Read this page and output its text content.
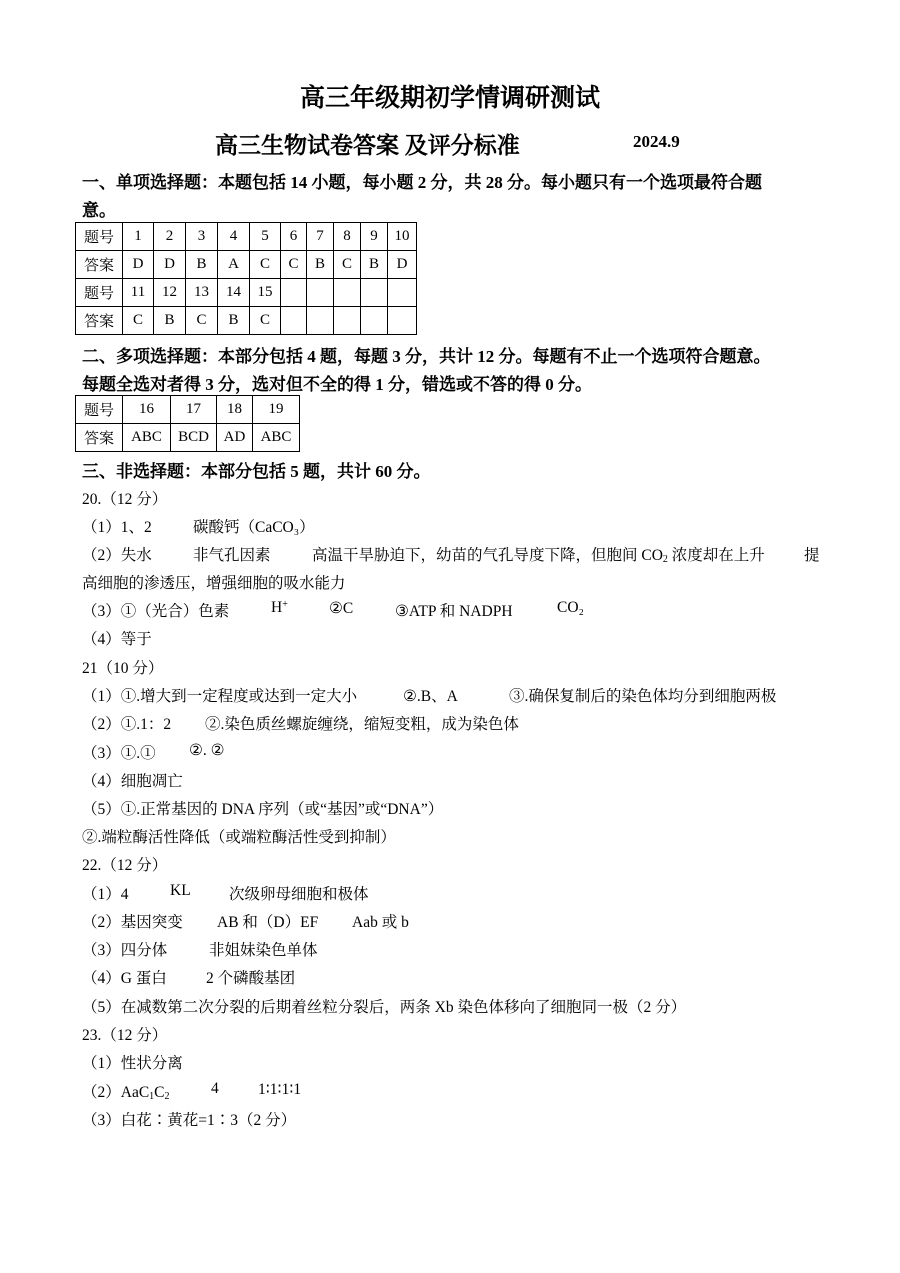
高三年级期初学情调研测试
高三生物试卷答案 及评分标准	2024.9
一、单项选择题：本题包括 14 小题，每小题 2 分，共 28 分。每小题只有一个选项最符合题
意。
题号	1	2	3	4	5	6	7	8	9	10
答案	D	D	B	A	C	C	B	C	B	D
题号	11	12	13	14	15					
答案	C	B	C	B	C					
二、多项选择题：本部分包括 4 题，每题 3 分，共计 12 分。每题有不止一个选项符合题意。
每题全选对者得 3 分，选对但不全的得 1 分，错选或不答的得 0 分。
题号	16	17	18	19
答案	ABC	BCD	AD	ABC
三、非选择题：本部分包括 5 题，共计 60 分。
20.（12 分）
（1）1、2	碳酸钙（CaCO₃）
（2）失水	非气孔因素	高温干旱胁迫下，幼苗的气孔导度下降，但胞间 $CO_2$ 浓度却在上升	提
高细胞的渗透压，增强细胞的吸水能力
（3）①（光合）色素	H+	②C	③ATP 和 NADPH	CO₂
（4）等于
21（10 分）
（1）①.增大到一定程度或达到一定大小	②.B、A	③.确保复制后的染色体均分到细胞两极
（2）①.1：2 ②.染色质丝螺旋缠绕，缩短变粗，成为染色体
（3）①.① ②. ②
（4）细胞凋亡
（5）①.正常基因的 DNA 序列（或“基因”或“DNA”）
②.端粒酶活性降低（或端粒酶活性受到抑制）
22.（12 分）
（1）4	KL 次级卵母细胞和极体
（2）基因突变 AB 和（D）EF Aab 或 b
（3）四分体	非姐妹染色单体
（4）G 蛋白	2 个磷酸基团
（5）在减数第二次分裂的后期着丝粒分裂后，两条 Xb 染色体移向了细胞同一极（2 分）
23.（12 分）
（1）性状分离
$(2)AaC_1C_2$	4	1∶1∶1∶1
（3）白花∶黄花=1∶3（2 分）
